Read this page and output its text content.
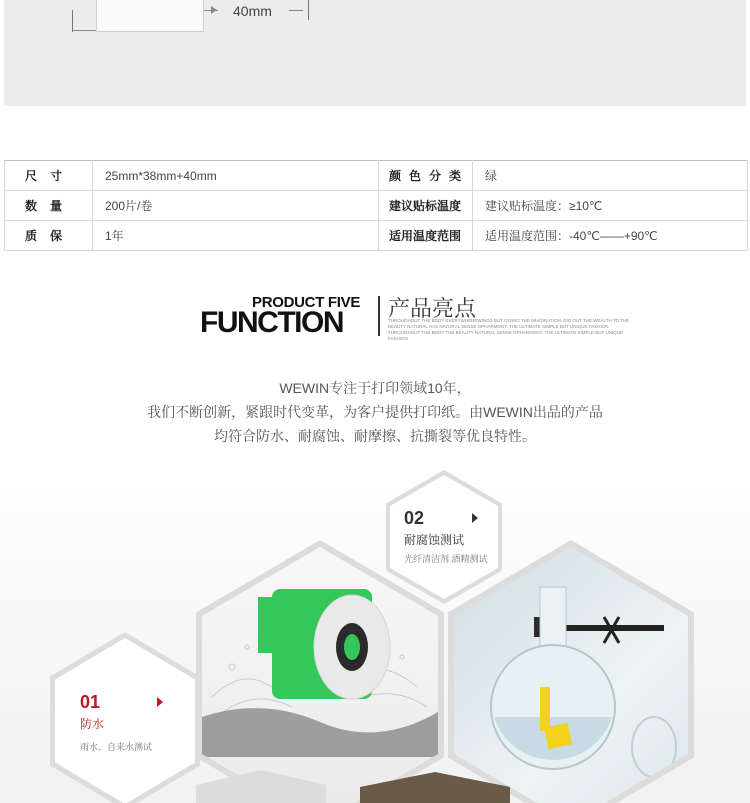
40mm
尺寸	25mm*38mm+40mm	颜色分类	绿
数量	200片/卷	建议贴标温度	建议贴标温度：≥10℃
质保	1年	适用温度范围	适用温度范围：-40℃——+90℃
PRODUCT FIVE
FUNCTION 产品亮点
THROUGHOUT THE BODY EVERYWHEREWINGS BUT GIVING THE IMAGINATION. DIG OUT THE WEALTH TO THE BEAUTY NATURAL HAS NATURAL SENSE OPHARMONY. THE ULTIMATE SIMPLE BUT UNIQUE FASHION THROUGHOUT THE BODY THE BEAUTY NATURAL SENSE OPHARMONY. THE ULTIMATE SIMPLE BUT UNIQUE FASHION
WEWIN专注于打印领域10年，
我们不断创新，紧跟时代变革，为客户提供打印纸。由WEWIN出品的产品
均符合防水、耐腐蚀、耐摩擦、抗撕裂等优良特性。
01
防水
雨水、自来水测试
02
耐腐蚀测试
光纤清洁剂 酒精测试
